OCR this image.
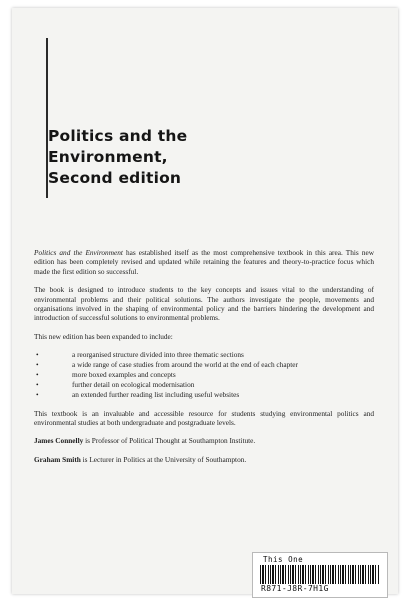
Politics and the
Environment,
Second edition

Politics and the Environment has established itself as the most comprehensive textbook in this area. This new edition has been completely revised and updated while retaining the features and theory-to-practice focus which made the first edition so successful.

The book is designed to introduce students to the key concepts and issues vital to the understanding of environmental problems and their political solutions. The authors investigate the people, movements and organisations involved in the shaping of environmental policy and the barriers hindering the development and introduction of successful solutions to environmental problems.

This new edition has been expanded to include:

• a reorganised structure divided into three thematic sections
• a wide range of case studies from around the world at the end of each chapter
• more boxed examples and concepts
• further detail on ecological modernisation
• an extended further reading list including useful websites

This textbook is an invaluable and accessible resource for students studying environmental politics and environmental studies at both undergraduate and postgraduate levels.

James Connelly is Professor of Political Thought at Southampton Institute.

Graham Smith is Lecturer in Politics at the University of Southampton.

This One
R871-J8R-7H1G
